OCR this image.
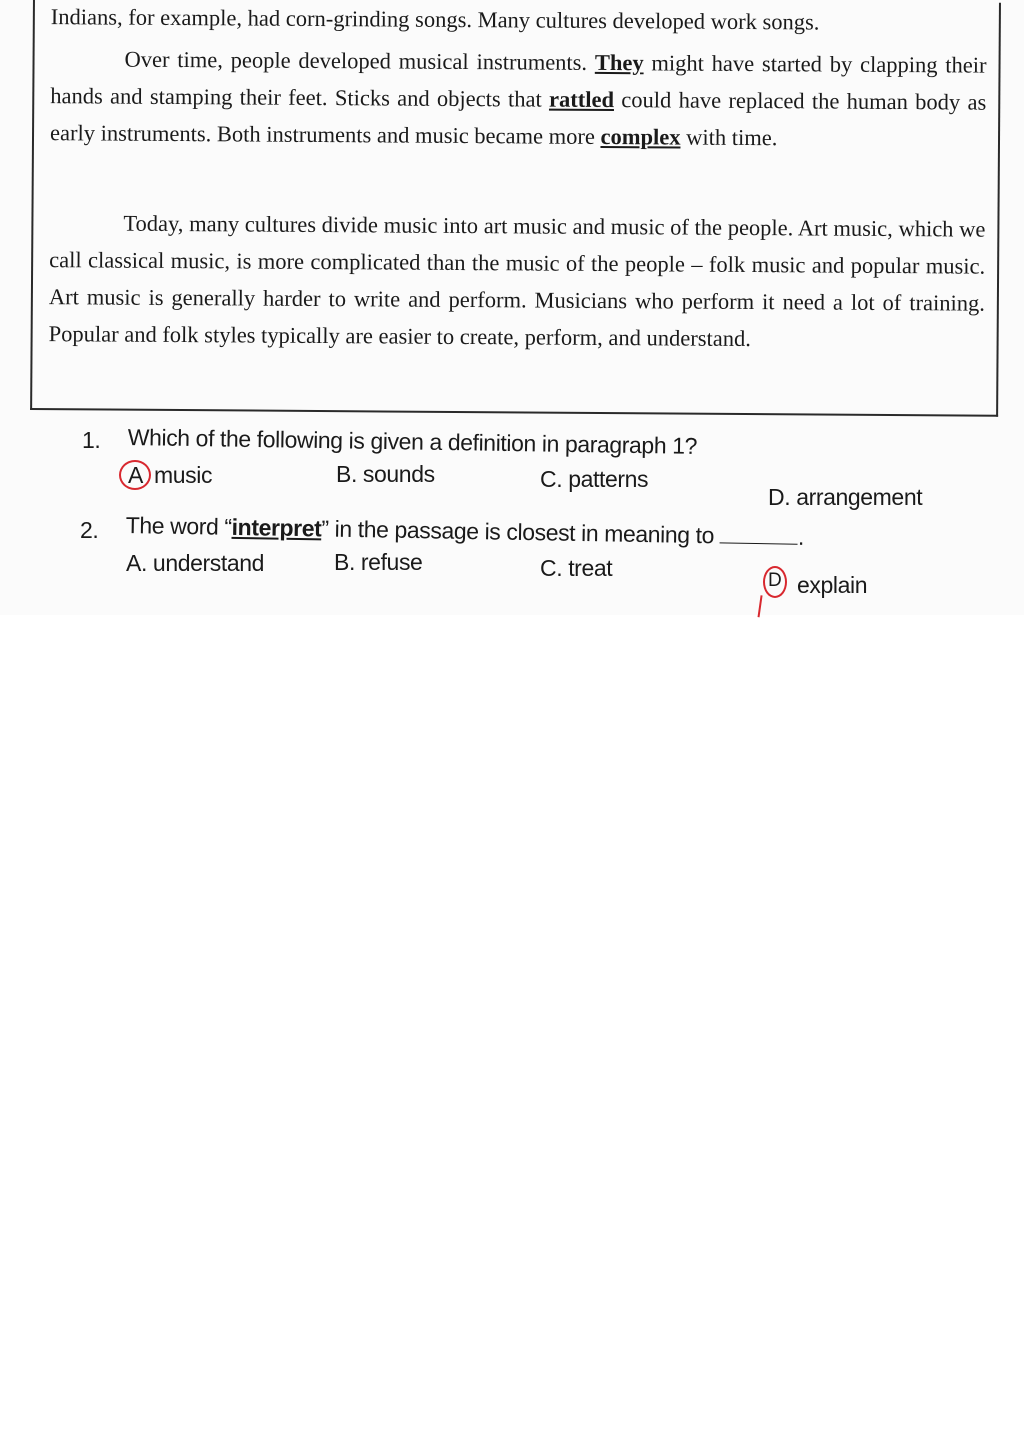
Indians, for example, had corn-grinding songs. Many cultures developed work songs.

Over time, people developed musical instruments. They might have started by clapping their hands and stamping their feet. Sticks and objects that rattled could have replaced the human body as early instruments. Both instruments and music became more complex with time.

Today, many cultures divide music into art music and music of the people. Art music, which we call classical music, is more complicated than the music of the people – folk music and popular music. Art music is generally harder to write and perform. Musicians who perform it need a lot of training. Popular and folk styles typically are easier to create, perform, and understand.

1. Which of the following is given a definition in paragraph 1?
A music	B. sounds	C. patterns
D. arrangement
2. The word “interpret” in the passage is closest in meaning to	.
A. understand	B. refuse	C. treat	D explain
